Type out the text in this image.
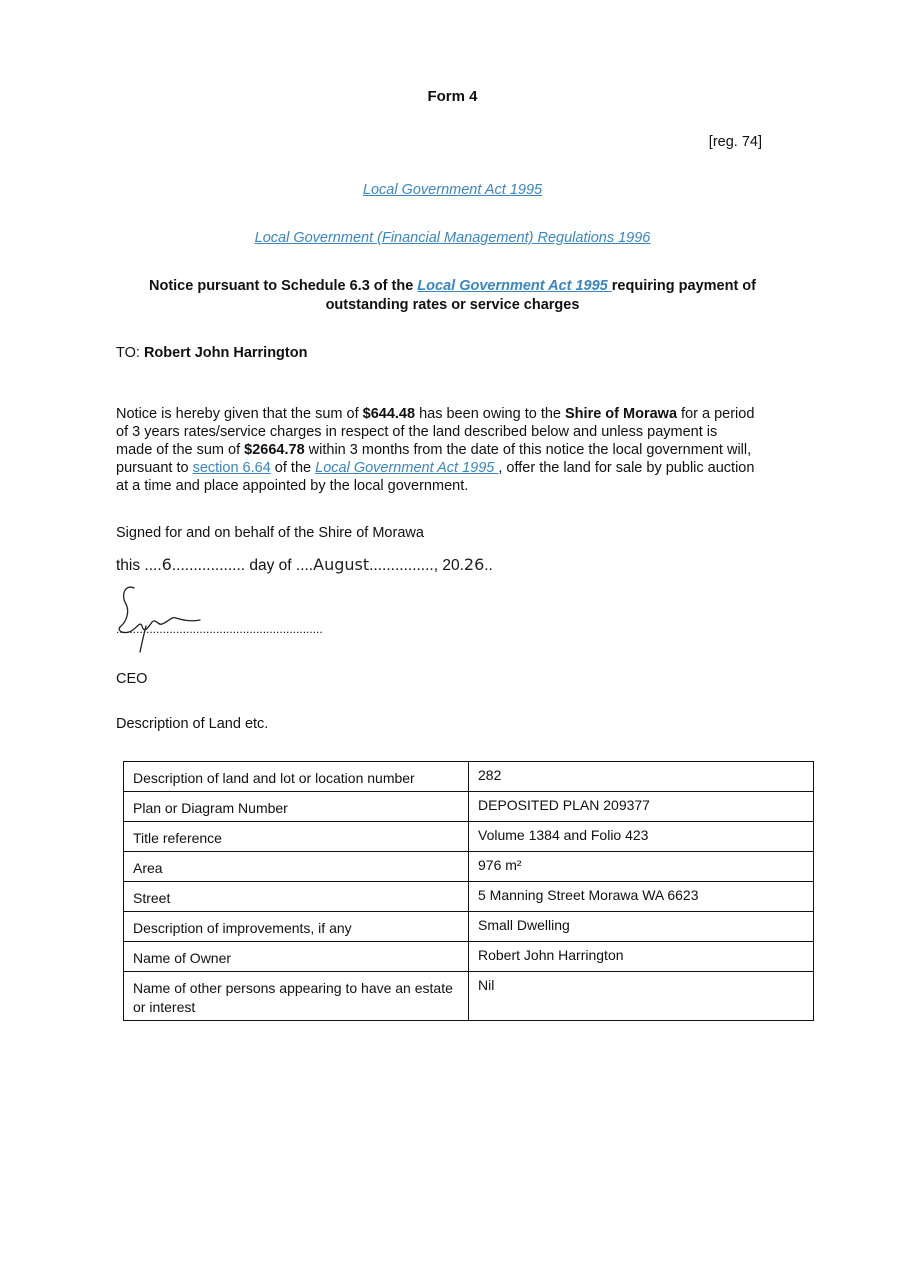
Form 4
[reg. 74]
Local Government Act 1995
Local Government (Financial Management) Regulations 1996
Notice pursuant to Schedule 6.3 of the Local Government Act 1995 requiring payment of
outstanding rates or service charges
TO: Robert John Harrington
Notice is hereby given that the sum of $644.48 has been owing to the Shire of Morawa for a period of 3 years rates/service charges in respect of the land described below and unless payment is made of the sum of $2664.78 within 3 months from the date of this notice the local government will, pursuant to section 6.64 of the Local Government Act 1995 , offer the land for sale by public auction at a time and place appointed by the local government.
Signed for and on behalf of the Shire of Morawa
this ....6................. day of ....August..............., 20.26..
..............................................................
CEO
Description of Land etc.
Description of land and lot or location number	282
Plan or Diagram Number	DEPOSITED PLAN 209377
Title reference	Volume 1384 and Folio 423
Area	976 m²
Street	5 Manning Street Morawa WA 6623
Description of improvements, if any	Small Dwelling
Name of Owner	Robert John Harrington
Name of other persons appearing to have an estate or interest	Nil
